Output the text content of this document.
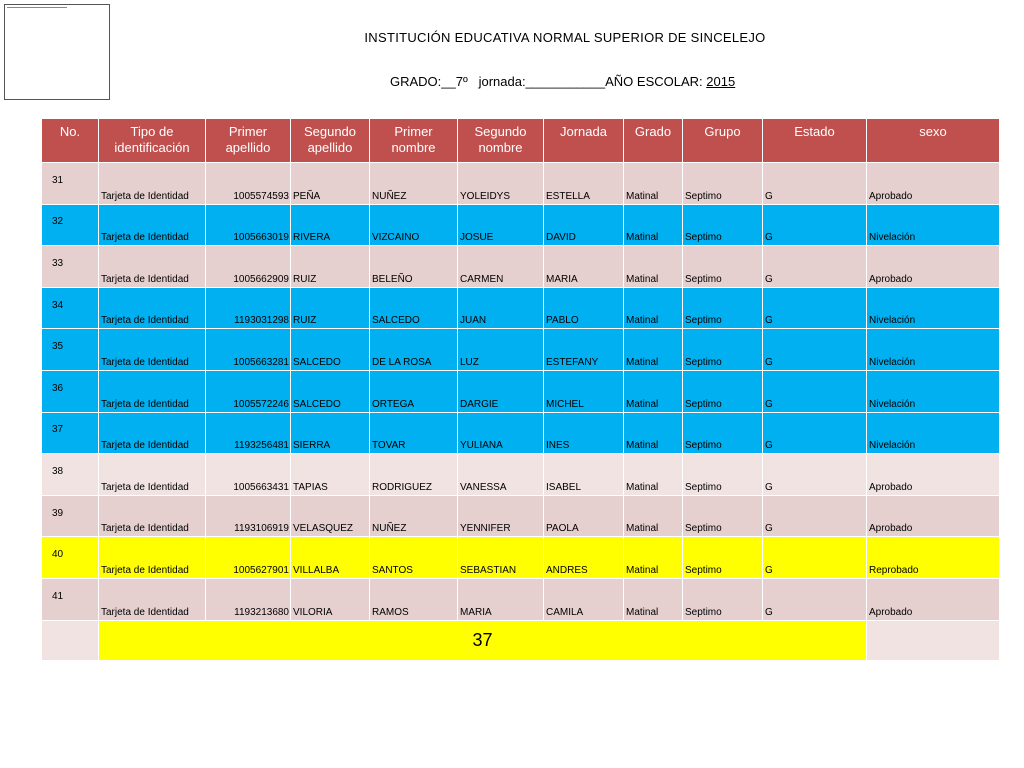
INSTITUCIÓN EDUCATIVA NORMAL SUPERIOR DE SINCELEJO
GRADO:__7º jornada:___________AÑO ESCOLAR: 2015
No.	Tipo de identificación	Primer apellido	Segundo apellido	Primer nombre	Segundo nombre	Jornada	Grado	Grupo	Estado	sexo
31	Tarjeta de Identidad	1005574593	PEÑA	NUÑEZ	YOLEIDYS	ESTELLA	Matinal	Septimo	G	Aprobado
32	Tarjeta de Identidad	1005663019	RIVERA	VIZCAINO	JOSUE	DAVID	Matinal	Septimo	G	Nivelación
33	Tarjeta de Identidad	1005662909	RUIZ	BELEÑO	CARMEN	MARIA	Matinal	Septimo	G	Aprobado
34	Tarjeta de Identidad	1193031298	RUIZ	SALCEDO	JUAN	PABLO	Matinal	Septimo	G	Nivelación
35	Tarjeta de Identidad	1005663281	SALCEDO	DE LA ROSA	LUZ	ESTEFANY	Matinal	Septimo	G	Nivelación
36	Tarjeta de Identidad	1005572246	SALCEDO	ORTEGA	DARGIE	MICHEL	Matinal	Septimo	G	Nivelación
37	Tarjeta de Identidad	1193256481	SIERRA	TOVAR	YULIANA	INES	Matinal	Septimo	G	Nivelación
38	Tarjeta de Identidad	1005663431	TAPIAS	RODRIGUEZ	VANESSA	ISABEL	Matinal	Septimo	G	Aprobado
39	Tarjeta de Identidad	1193106919	VELASQUEZ	NUÑEZ	YENNIFER	PAOLA	Matinal	Septimo	G	Aprobado
40	Tarjeta de Identidad	1005627901	VILLALBA	SANTOS	SEBASTIAN	ANDRES	Matinal	Septimo	G	Reprobado
41	Tarjeta de Identidad	1193213680	VILORIA	RAMOS	MARIA	CAMILA	Matinal	Septimo	G	Aprobado
	37									
